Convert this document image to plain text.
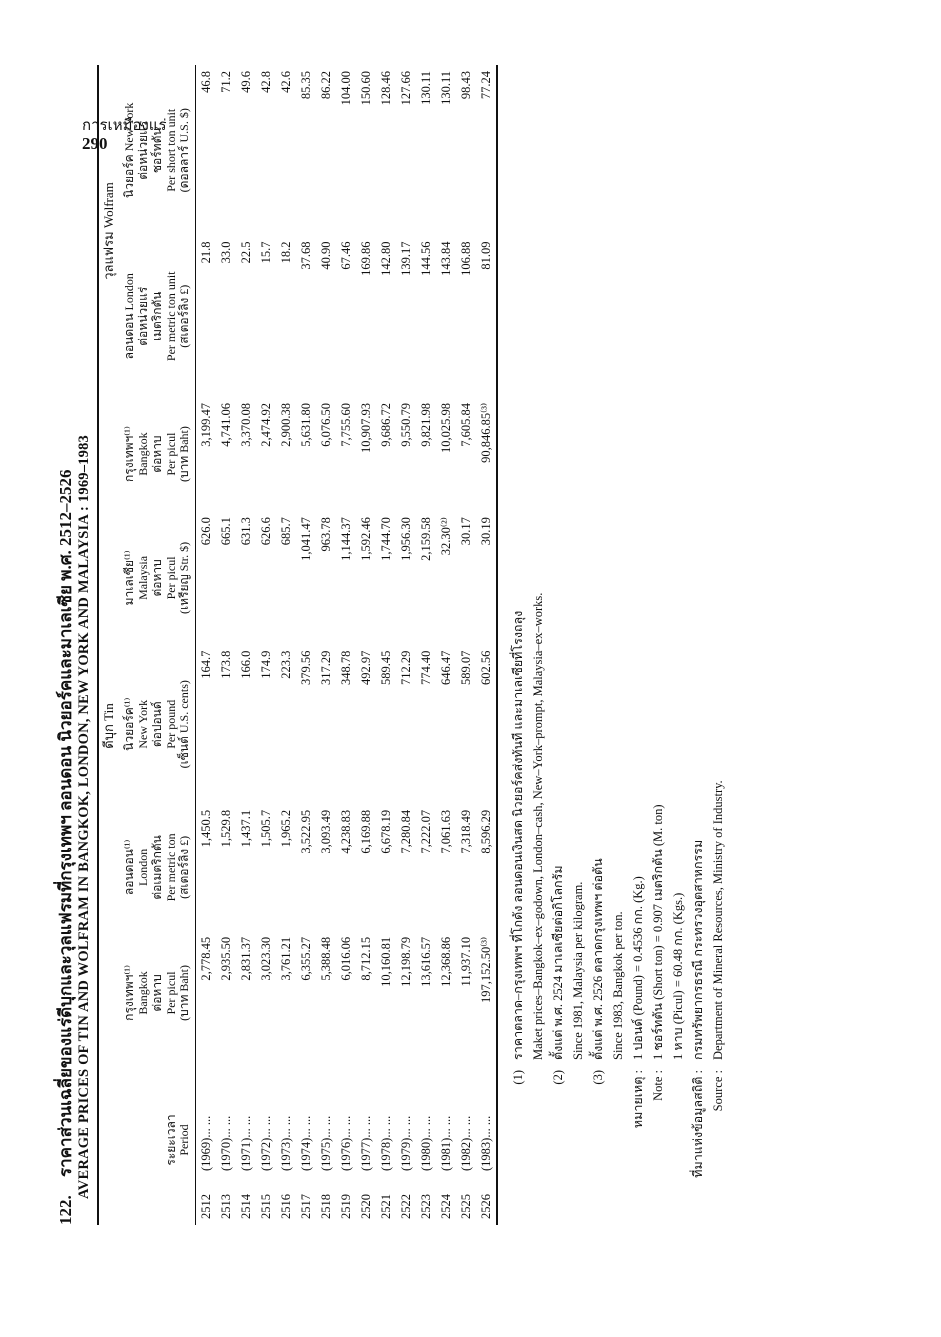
การเหมืองแร่
290
122. ราคาส่วนเฉลี่ยของแร่ดีบุกและวุลแฟรมที่กรุงเทพฯ ลอนดอน นิวยอร์คและมาเลเซีย พ.ศ. 2512–2526 AVERAGE PRICES OF TIN AND WOLFRAM IN BANGKOK, LONDON, NEW YORK AND MALAYSIA : 1969–1983	ระยะเวลา Period		ดีบุก Tin					วุลแฟรม Wolfram	

		กรุงเทพฯ⁽¹⁾ Bangkok ต่อหาบ Per picul (บาท Baht)	ลอนดอน⁽¹⁾ London ต่อเมตริกตัน Per metric ton (สเตอร์ลิง £)	นิวยอร์ค⁽¹⁾ New York ต่อปอนด์ Per pound (เซ็นต์ U.S. cents)	มาเลเซีย⁽¹⁾ Malaysia ต่อหาบ Per picul (เหรียญ Str. $)	กรุงเทพฯ⁽¹⁾ Bangkok ต่อหาบ Per picul (บาท Baht)	ลอนดอน London ต่อหน่วยแร่ เมตริกตัน Per metric ton unit (สเตอร์ลิง £)	นิวยอร์ค New York ต่อหน่วยแร่ ชอร์ทตัน Per short ton unit (ดอลลาร์ U.S. $)

2512	(1969)... ...	2,778.45	1,450.5	164.7	626.0	3,199.47	21.8	46.8
2513	(1970)... ...	2,935.50	1,529.8	173.8	665.1	4,741.06	33.0	71.2
2514	(1971)... ...	2,831.37	1,437.1	166.0	631.3	3,370.08	22.5	49.6
2515	(1972)... ...	3,023.30	1,505.7	174.9	626.6	2,474.92	15.7	42.8
2516	(1973)... ...	3,761.21	1,965.2	223.3	685.7	2,900.38	18.2	42.6
2517	(1974)... ...	6,355.27	3,522.95	379.56	1,041.47	5,631.80	37.68	85.35
2518	(1975)... ...	5,388.48	3,093.49	317.29	963.78	6,076.50	40.90	86.22
2519	(1976)... ...	6,016.06	4,238.83	348.78	1,144.37	7,755.60	67.46	104.00
2520	(1977)... ...	8,712.15	6,169.88	492.97	1,592.46	10,907.93	169.86	150.60
2521	(1978)... ...	10,160.81	6,678.19	589.45	1,744.70	9,686.72	142.80	128.46
2522	(1979)... ...	12,198.79	7,280.84	712.29	1,956.30	9,550.79	139.17	127.66
2523	(1980)... ...	13,616.57	7,222.07	774.40	2,159.58	9,821.98	144.56	130.11
2524	(1981)... ...	12,368.86	7,061.63	646.47	32.30⁽²⁾	10,025.98	143.84	130.11
2525	(1982)... ...	11,937.10	7,318.49	589.07	30.17	7,605.84	106.88	98.43
2526	(1983)... ...	197,152.50⁽³⁾	8,596.29	602.56	30.19	90,846.85⁽³⁾	81.09	77.24
(1)
ราคาตลาด–กรุงเทพฯ ที่โกดัง ลอนดอนเงินสด นิวยอร์คส่งทันที และมาเลเซียที่โรงถลุง Maket prices–Bangkok–ex–godown, London–cash, New–York–prompt, Malaysia–ex–works.
(2)
ตั้งแต่ พ.ศ. 2524 มาเลเซียต่อกิโลกรัม Since 1981, Malaysia per kilogram.
(3)
ตั้งแต่ พ.ศ. 2526 ตลาดกรุงเทพฯ ต่อตัน Since 1983, Bangkok per ton.
หมายเหตุ :
1 ปอนด์ (Pound) = 0.4536 กก. (Kg.)
Note :
1 ชอร์ทตัน (Short ton) = 0.907 เมตริกตัน (M. ton) 1 หาบ (Picul) = 60.48 กก. (Kgs.)
ที่มาแห่งข้อมูลสถิติ :
กรมทรัพยากรธรณี กระทรวงอุตสาหกรรม
Source :
Department of Mineral Resources, Ministry of Industry.
